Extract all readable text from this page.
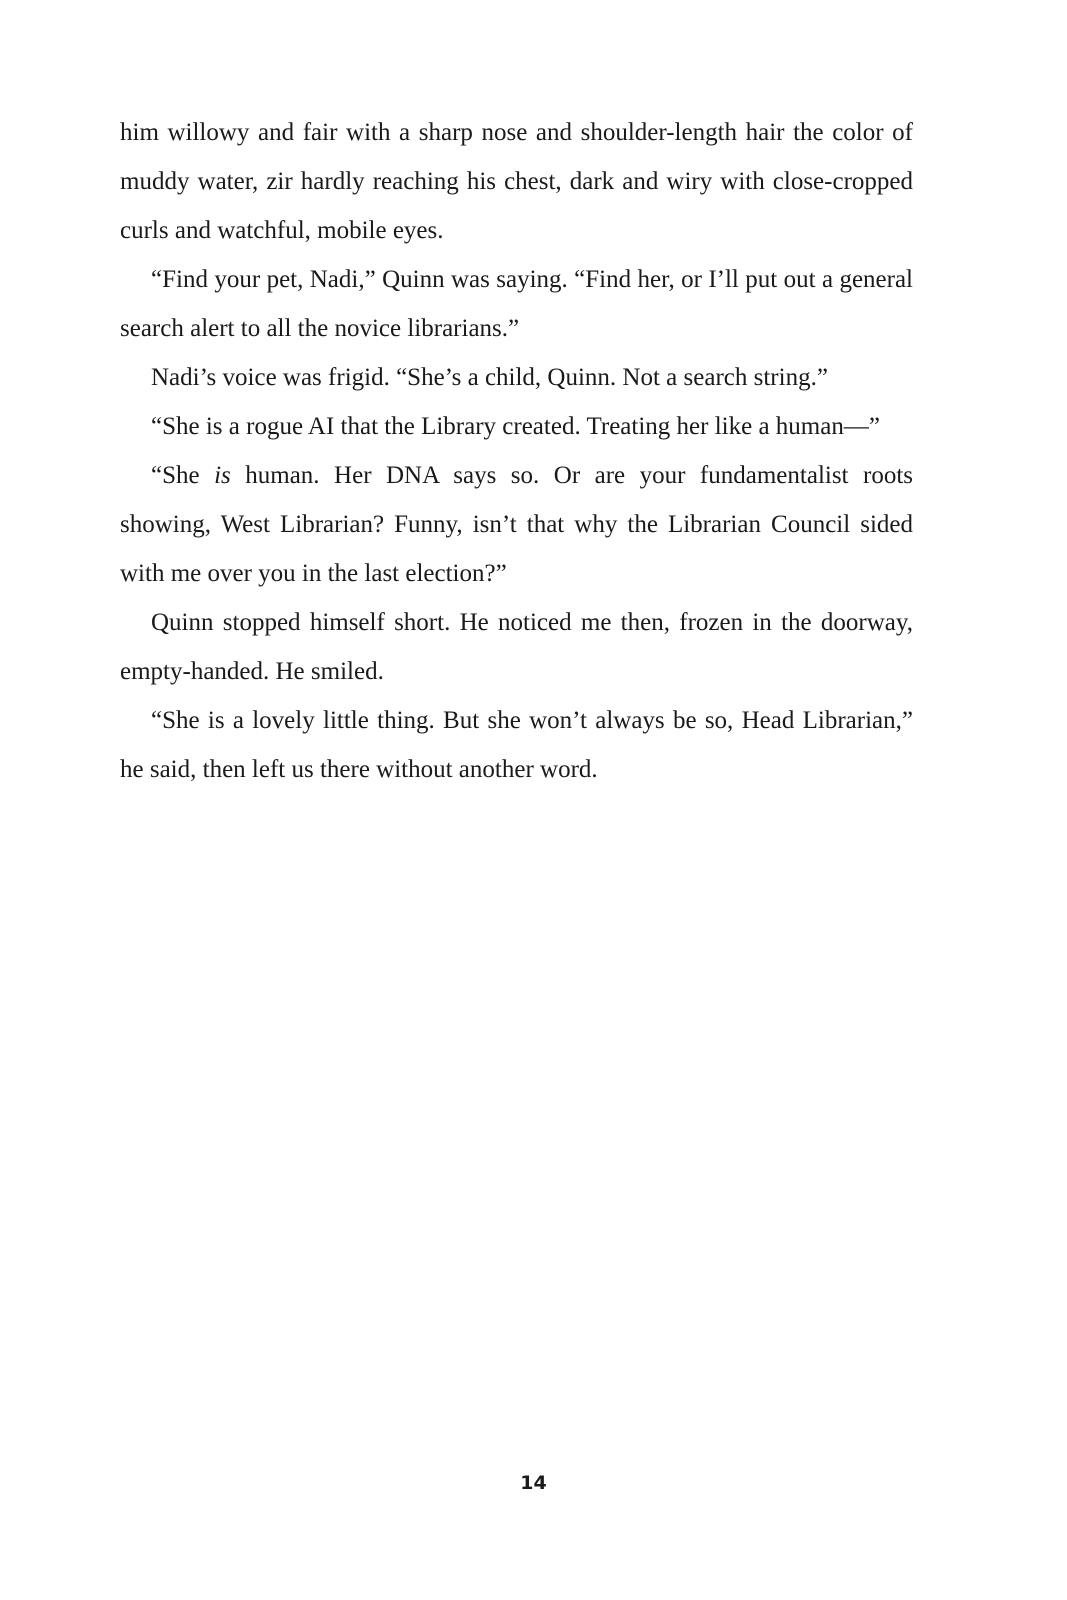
him willowy and fair with a sharp nose and shoulder-length hair the color of muddy water, zir hardly reaching his chest, dark and wiry with close-cropped curls and watchful, mobile eyes.

“Find your pet, Nadi,” Quinn was saying. “Find her, or I’ll put out a general search alert to all the novice librarians.”

Nadi’s voice was frigid. “She’s a child, Quinn. Not a search string.”

“She is a rogue AI that the Library created. Treating her like a human—”

“She is human. Her DNA says so. Or are your fundamentalist roots showing, West Librarian? Funny, isn’t that why the Librarian Council sided with me over you in the last election?”

Quinn stopped himself short. He noticed me then, frozen in the doorway, empty-handed. He smiled.

“She is a lovely little thing. But she won’t always be so, Head Librarian,” he said, then left us there without another word.

14
